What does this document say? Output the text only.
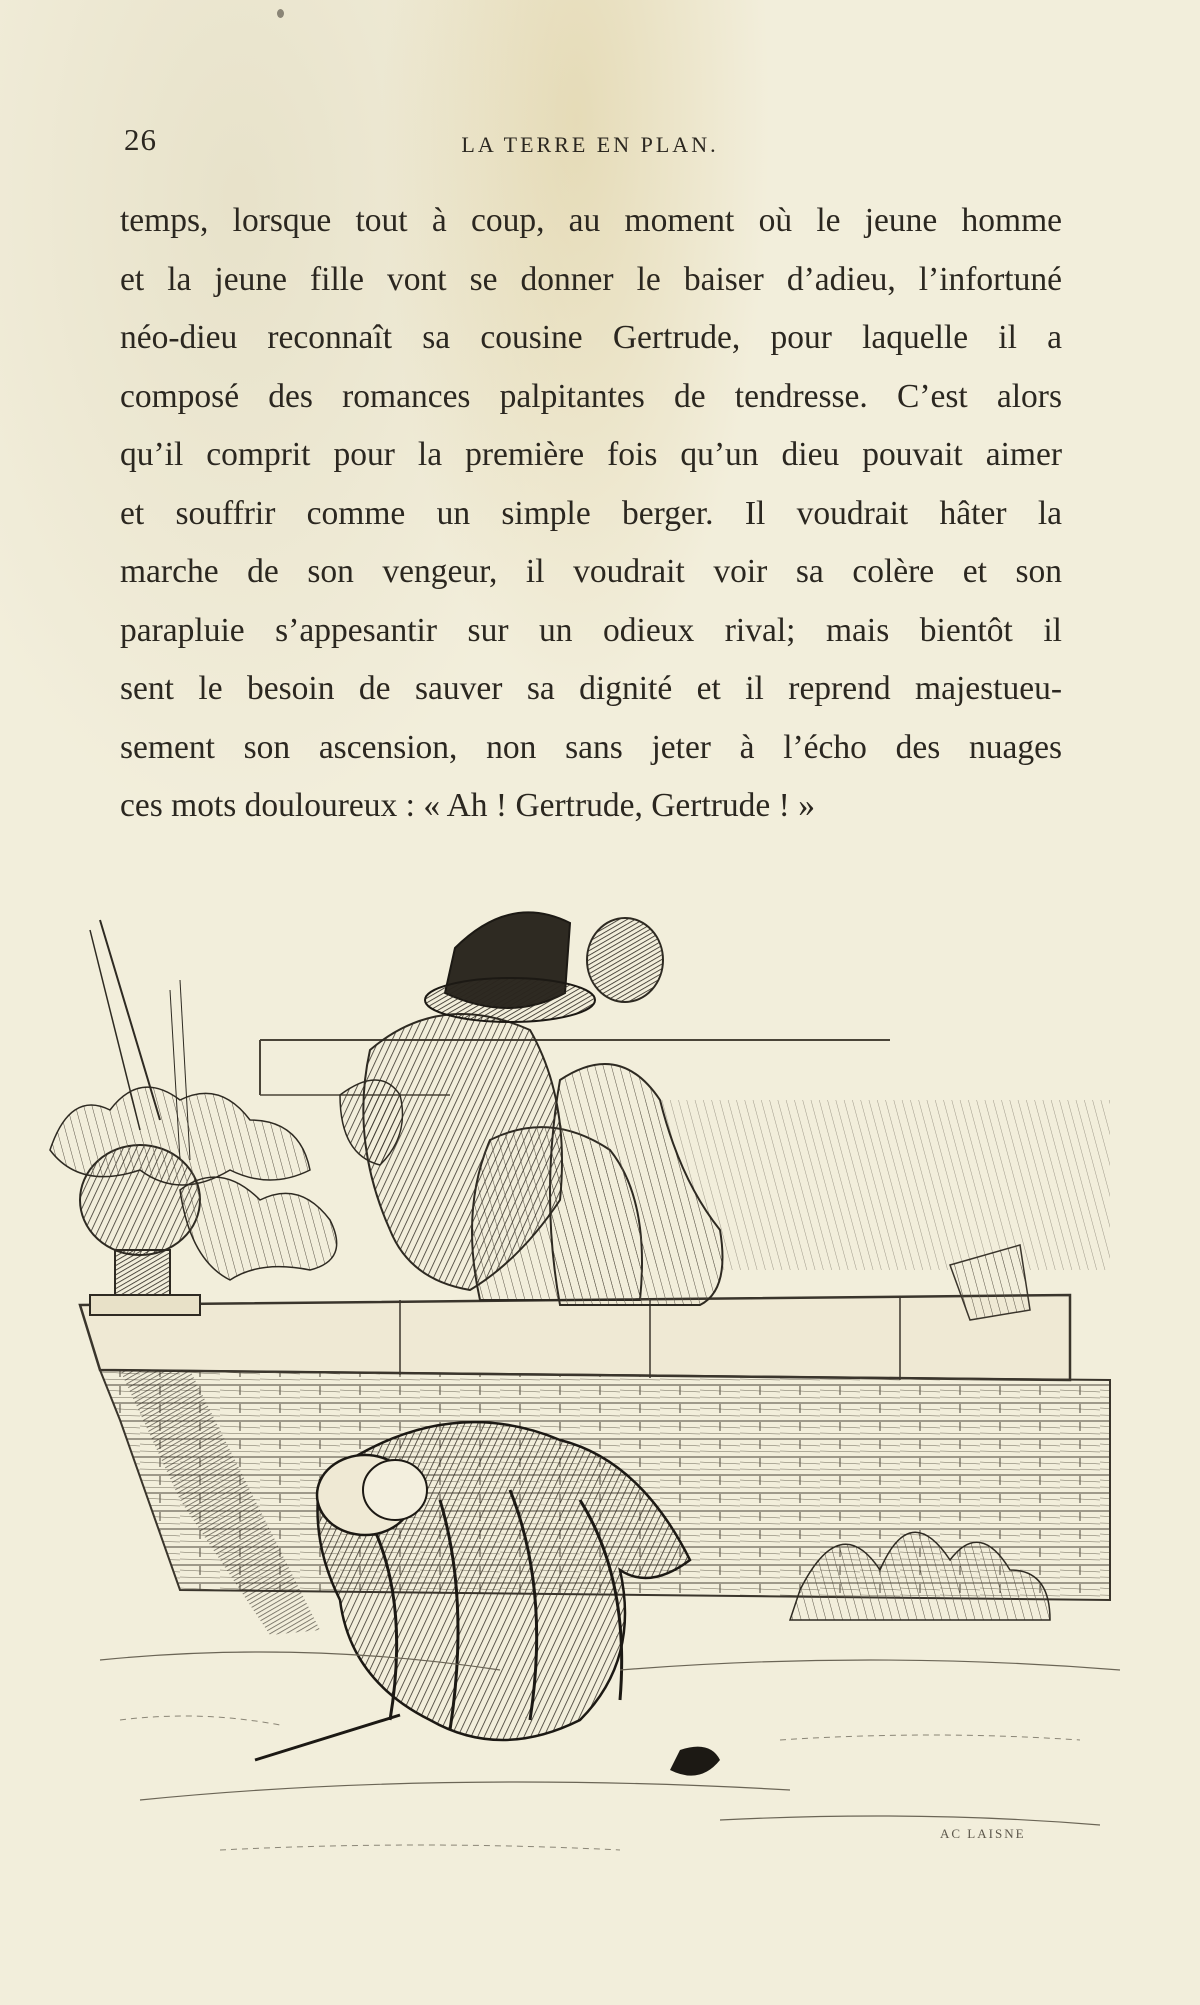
26	LA TERRE EN PLAN.
temps, lorsque tout à coup, au moment où le jeune homme
et la jeune fille vont se donner le baiser d’adieu, l’infortuné
néo-dieu reconnaît sa cousine Gertrude, pour laquelle il a
composé des romances palpitantes de tendresse. C’est alors
qu’il comprit pour la première fois qu’un dieu pouvait aimer
et souffrir comme un simple berger. Il voudrait hâter la
marche de son vengeur, il voudrait voir sa colère et son
parapluie s’appesantir sur un odieux rival; mais bientôt il
sent le besoin de sauver sa dignité et il reprend majestueu-
sement son ascension, non sans jeter à l’écho des nuages
ces mots douloureux : « Ah ! Gertrude, Gertrude ! »
AC LAISNE
